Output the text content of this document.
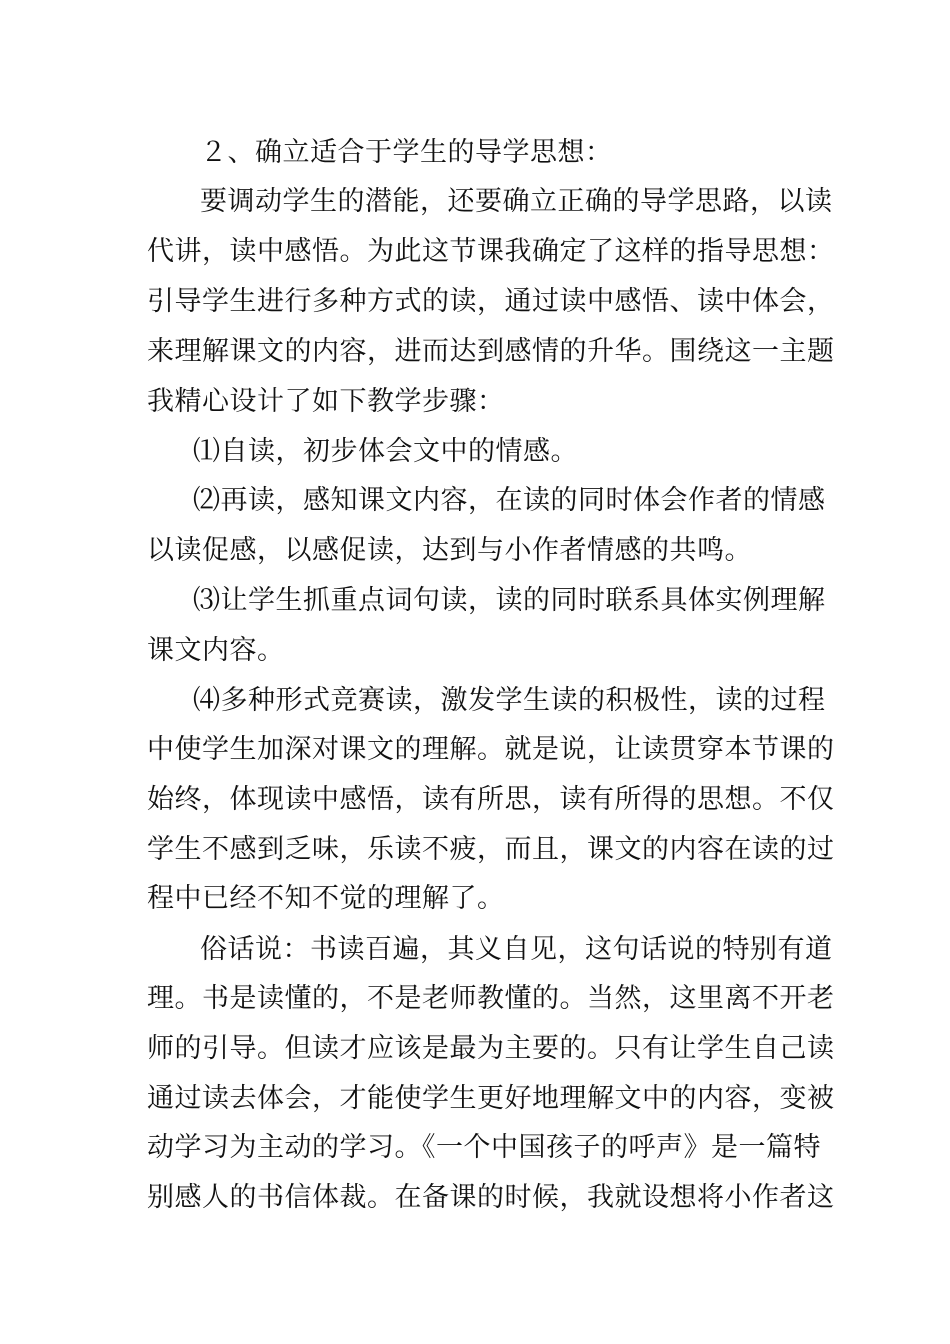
２、确立适合于学生的导学思想：
要调动学生的潜能，还要确立正确的导学思路，以读
代讲，读中感悟。为此这节课我确定了这样的指导思想：
引导学生进行多种方式的读，通过读中感悟、读中体会，
来理解课文的内容，进而达到感情的升华。围绕这一主题
我精心设计了如下教学步骤：
⑴自读，初步体会文中的情感。
⑵再读，感知课文内容，在读的同时体会作者的情感
以读促感，以感促读，达到与小作者情感的共鸣。
⑶让学生抓重点词句读，读的同时联系具体实例理解
课文内容。
⑷多种形式竞赛读，激发学生读的积极性，读的过程
中使学生加深对课文的理解。就是说，让读贯穿本节课的
始终，体现读中感悟，读有所思，读有所得的思想。不仅
学生不感到乏味，乐读不疲，而且，课文的内容在读的过
程中已经不知不觉的理解了。
俗话说：书读百遍，其义自见，这句话说的特别有道
理。书是读懂的，不是老师教懂的。当然，这里离不开老
师的引导。但读才应该是最为主要的。只有让学生自己读
通过读去体会，才能使学生更好地理解文中的内容，变被
动学习为主动的学习。《一个中国孩子的呼声》是一篇特
别感人的书信体裁。在备课的时候，我就设想将小作者这
